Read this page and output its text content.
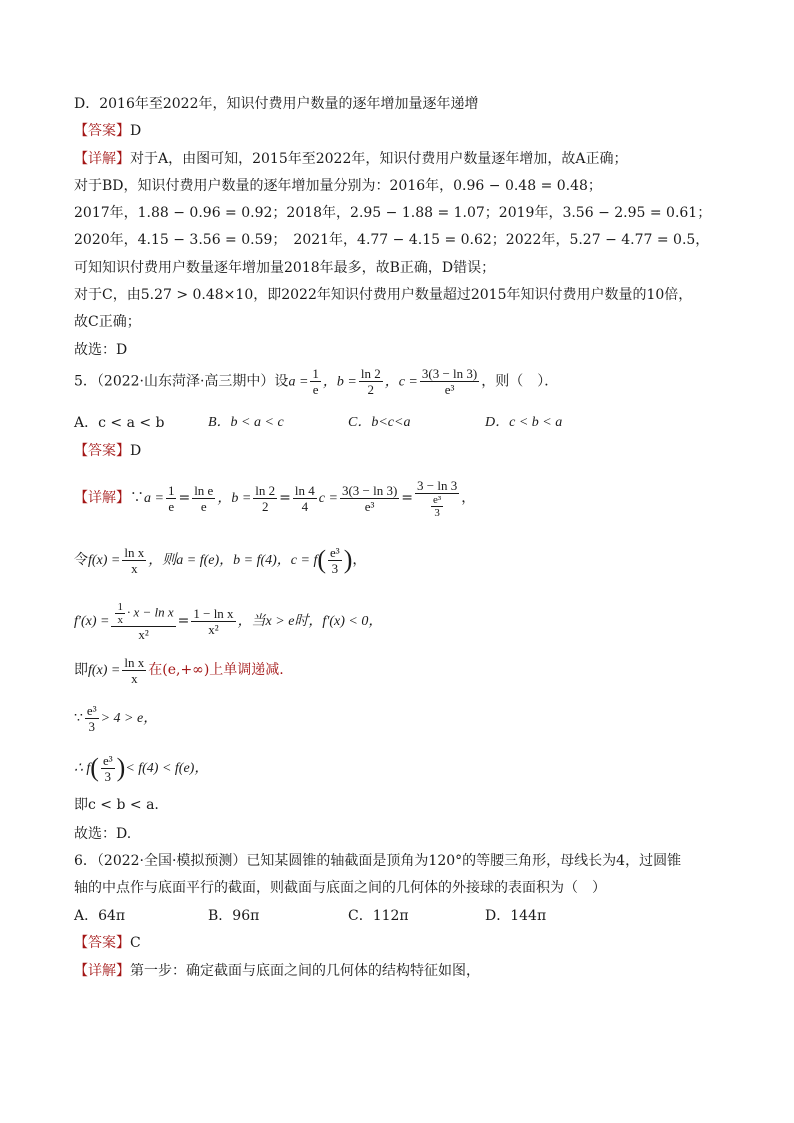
D．2016年至2022年，知识付费用户数量的逐年增加量逐年递增
【答案】D
【详解】对于A，由图可知，2015年至2022年，知识付费用户数量逐年增加，故A正确；
对于BD，知识付费用户数量的逐年增加量分别为：2016年，0.96 − 0.48 = 0.48；
2017年，1.88 − 0.96 = 0.92；2018年，2.95 − 1.88 = 1.07；2019年，3.56 − 2.95 = 0.61；
2020年，4.15 − 3.56 = 0.59；　2021年，4.77 − 4.15 = 0.62；2022年，5.27 − 4.77 = 0.5，
可知知识付费用户数量逐年增加量2018年最多，故B正确，D错误；
对于C，由5.27 > 0.48×10，即2022年知识付费用户数量超过2015年知识付费用户数量的10倍，
故C正确；
故选：D
5．（2022·山东菏泽·高三期中）设$a = \frac{1}{e}$ ，$b = \frac{\ln 2}{2}$ ，$c = \frac{3(3 - \ln 3)}{\text{e³}}$ ，则（　）．
A．c < a < b	B．b < a < c	C．b<c<a	D．c < b < a
【答案】D
【详解】∵a = $\frac{1}{e} = \frac{\text{ln e}}{e}$ ，$b = \frac{\ln 2}{2} = \frac{\ln 4}{4}$ $c = \frac{3(3 - \ln 3)}{\text{e³}} = \frac{3 - \ln 3}{\frac{\text{e³}}{3}}$ ，
令$f(x) = \frac{\text{ln x}}{x}$ ，则a = f(e)，b = f(4)，$c = f( \frac{\text{e³}}{3}$ )，
$f'(x) = \frac{\frac{1}{x} \cdot x - \ln x}{\text{x²}} = \frac{\text{1 − ln x}}{\text{x²}}$ ，当x > e时，f′(x) < 0，
即$f(x) = \frac{\text{ln x}}{x}$ 在(e,+∞)上单调递减.
∵ $\frac{\text{e³}}{3} > 4 > e$，
∴ $f( \frac{\text{e³}}{3}$ )< f(4) < f(e)，
即c < b < a.
故选：D.
6．（2022·全国·模拟预测）已知某圆锥的轴截面是顶角为120°的等腰三角形，母线长为4，过圆锥
轴的中点作与底面平行的截面，则截面与底面之间的几何体的外接球的表面积为（　）
A．64π	B．96π	C．112π	D．144π
【答案】C
【详解】第一步：确定截面与底面之间的几何体的结构特征如图，
